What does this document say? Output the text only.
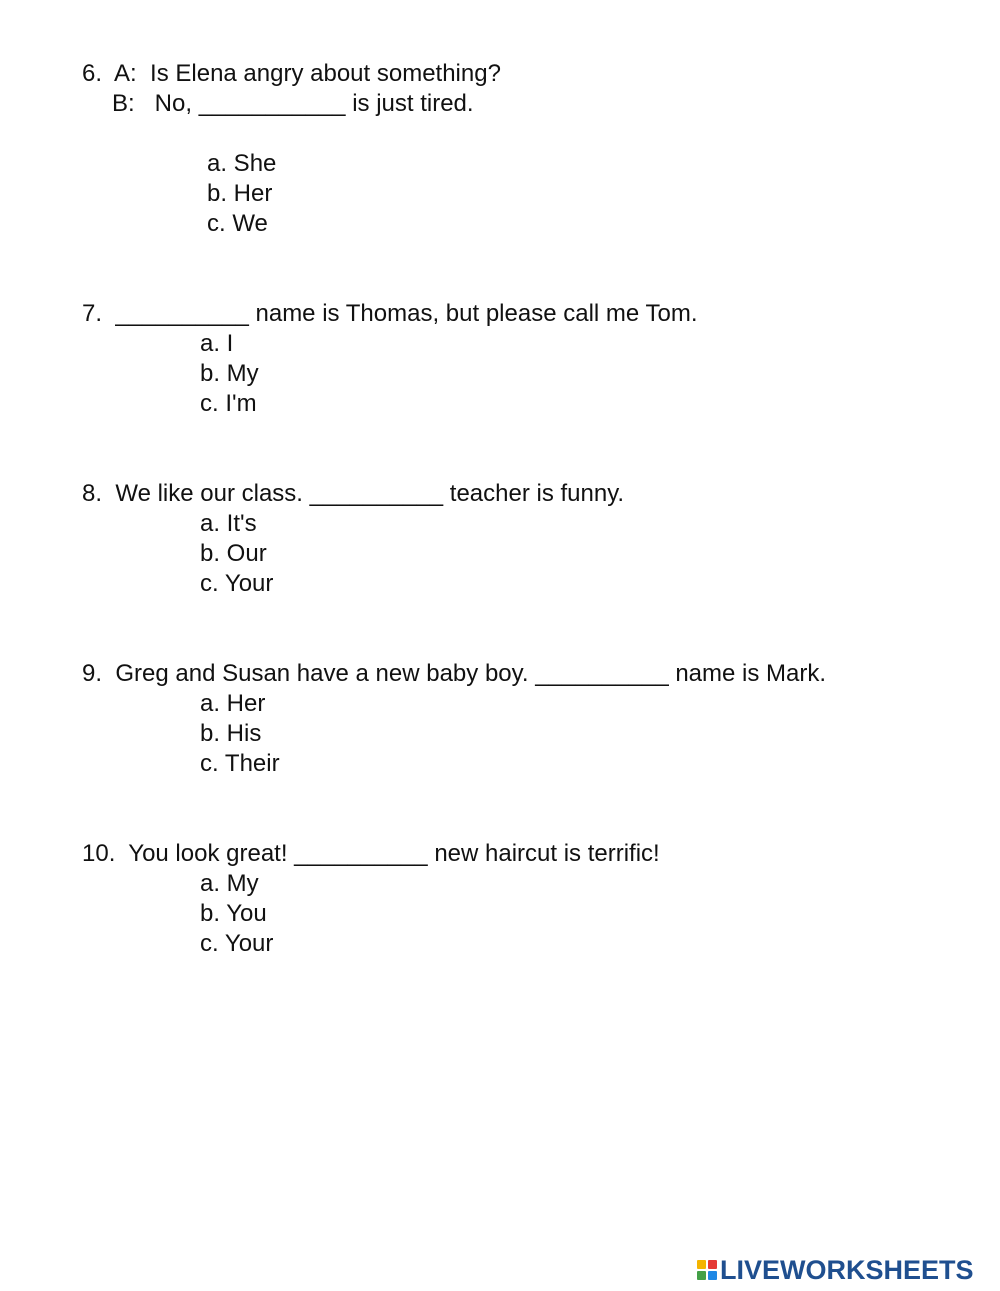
6.  A:  Is Elena angry about something?
B:   No, ___________ is just tired.
a. She
b. Her
c. We
7.  __________ name is Thomas, but please call me Tom.
a. I
b. My
c. I'm
8.  We like our class. __________ teacher is funny.
a. It's
b. Our
c. Your
9.  Greg and Susan have a new baby boy. __________ name is Mark.
a. Her
b. His
c. Their
10.  You look great! __________ new haircut is terrific!
a. My
b. You
c. Your
LIVEWORKSHEETS
